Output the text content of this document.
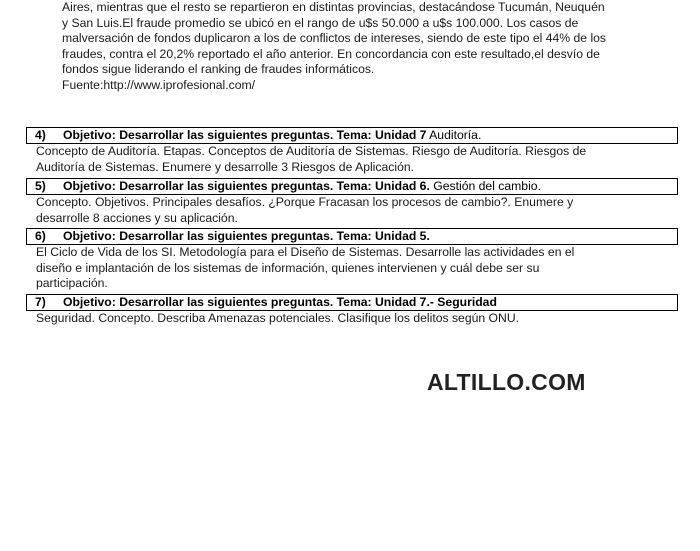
Aires, mientras que el resto se repartieron en distintas provincias, destacándose Tucumán, Neuquén
y San Luis.El fraude promedio se ubicó en el rango de u$s 50.000 a u$s 100.000. Los casos de
malversación de fondos duplicaron a los de conflictos de intereses, siendo de este tipo el 44% de los
fraudes, contra el 20,2% reportado el año anterior. En concordancia con este resultado,el desvío de
fondos sigue liderando el ranking de fraudes informáticos.
Fuente:http://www.iprofesional.com/
4) Objetivo: Desarrollar las siguientes preguntas. Tema: Unidad 7 Auditoría.
Concepto de Auditoría. Etapas. Conceptos de Auditoría de Sistemas. Riesgo de Auditoría. Riesgos de
Auditoría de Sistemas. Enumere y desarrolle 3 Riesgos de Aplicación.
5) Objetivo: Desarrollar las siguientes preguntas. Tema: Unidad 6. Gestión del cambio.
Concepto. Objetivos. Principales desafíos. ¿Porque Fracasan los procesos de cambio?. Enumere y
desarrolle 8 acciones y su aplicación.
6) Objetivo: Desarrollar las siguientes preguntas. Tema: Unidad 5.
El Ciclo de Vida de los SI. Metodología para el Diseño de Sistemas. Desarrolle las actividades en el
diseño e implantación de los sistemas de información, quienes intervienen y cuál debe ser su
participación.
7) Objetivo: Desarrollar las siguientes preguntas. Tema: Unidad 7.- Seguridad
Seguridad. Concepto. Describa Amenazas potenciales. Clasifique los delitos según ONU.
ALTILLO.COM
